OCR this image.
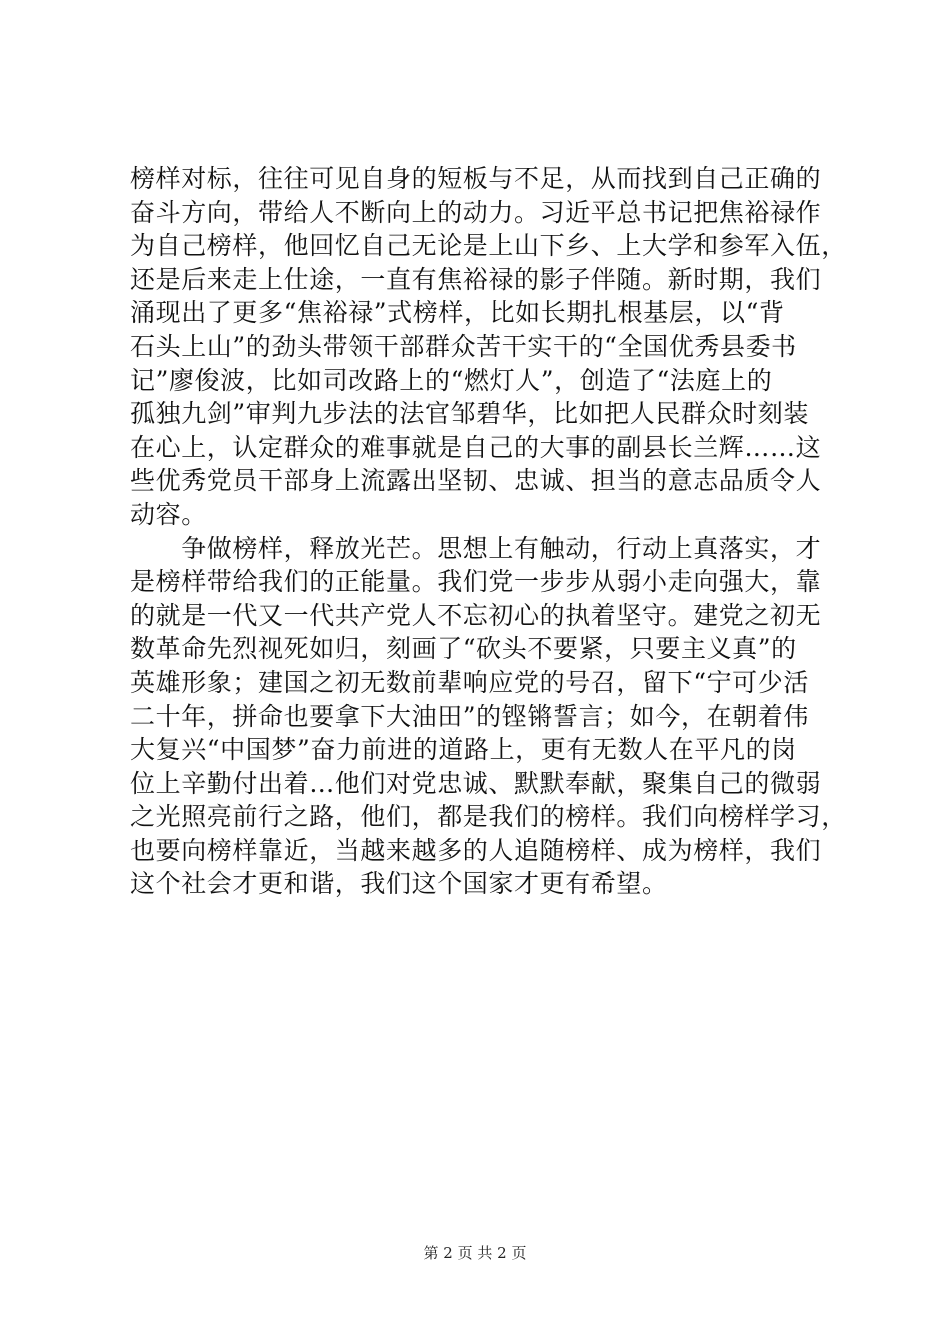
榜样对标，往往可见自身的短板与不足，从而找到自己正确的
奋斗方向，带给人不断向上的动力。习近平总书记把焦裕禄作
为自己榜样，他回忆自己无论是上山下乡、上大学和参军入伍，
还是后来走上仕途，一直有焦裕禄的影子伴随。新时期，我们
涌现出了更多“焦裕禄”式榜样，比如长期扎根基层，以“背
石头上山”的劲头带领干部群众苦干实干的“全国优秀县委书
记”廖俊波，比如司改路上的“燃灯人”，创造了“法庭上的
孤独九剑”审判九步法的法官邹碧华，比如把人民群众时刻装
在心上，认定群众的难事就是自己的大事的副县长兰辉……这
些优秀党员干部身上流露出坚韧、忠诚、担当的意志品质令人
动容。
　　争做榜样，释放光芒。思想上有触动，行动上真落实，才
是榜样带给我们的正能量。我们党一步步从弱小走向强大，靠
的就是一代又一代共产党人不忘初心的执着坚守。建党之初无
数革命先烈视死如归，刻画了“砍头不要紧，只要主义真”的
英雄形象；建国之初无数前辈响应党的号召，留下“宁可少活
二十年，拼命也要拿下大油田”的铿锵誓言；如今，在朝着伟
大复兴“中国梦”奋力前进的道路上，更有无数人在平凡的岗
位上辛勤付出着…他们对党忠诚、默默奉献，聚集自己的微弱
之光照亮前行之路，他们，都是我们的榜样。我们向榜样学习，
也要向榜样靠近，当越来越多的人追随榜样、成为榜样，我们
这个社会才更和谐，我们这个国家才更有希望。
第 2 页 共 2 页
